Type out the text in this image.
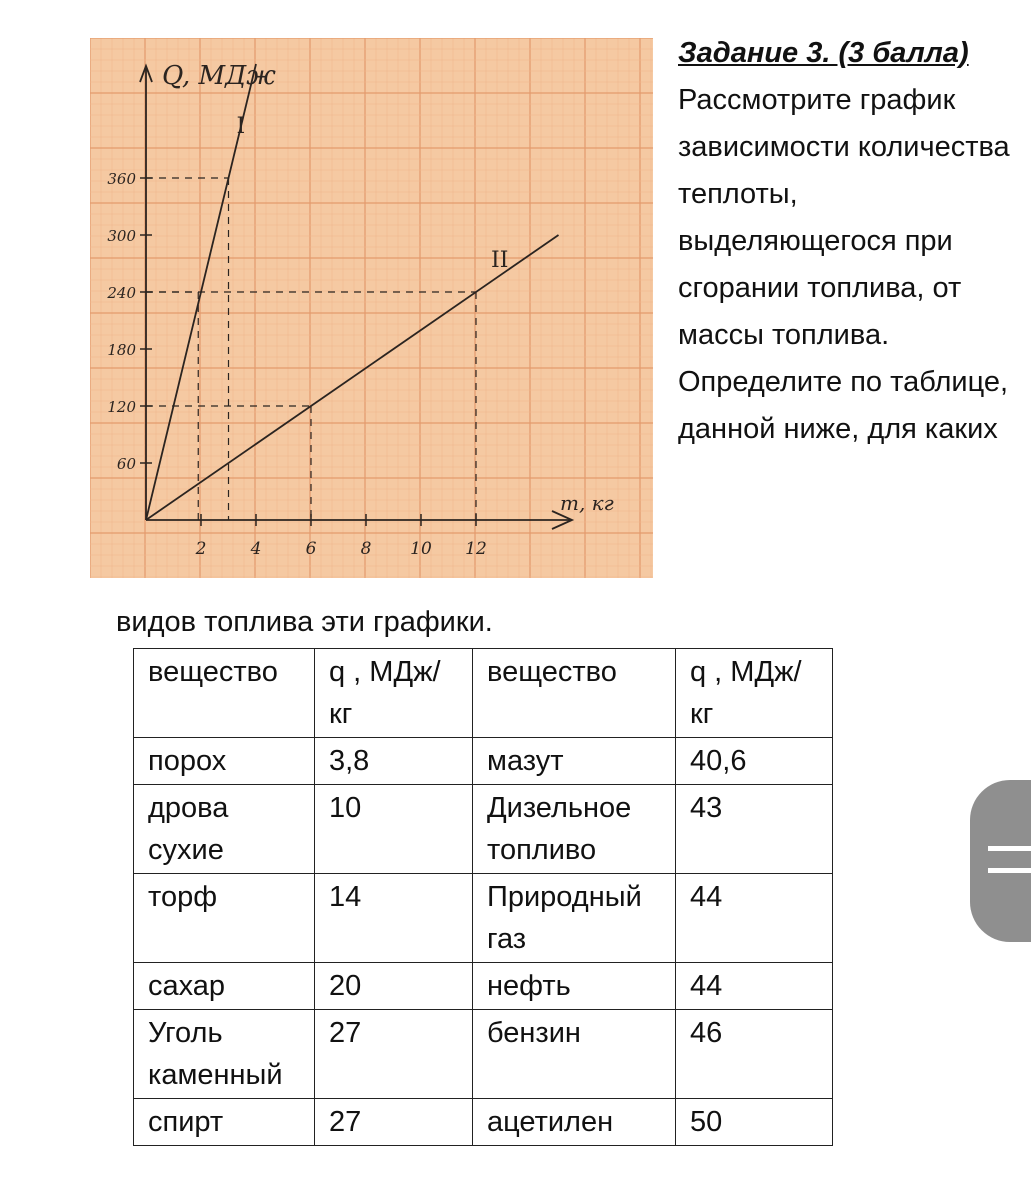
2	4	6	8 10 12
60
120
180
240
300
360
Q, МДж
m, кг
I
II
Задание 3. (3 балла)
Рассмотрите график зависимости количества теплоты, выделяющегося при сгорании топлива, от массы топлива. Определите по таблице, данной ниже, для каких
видов топлива эти графики.
вещество	q , МДж/кг	вещество	q , МДж/кг
порох	3,8	мазут	40,6
дрова сухие	10	Дизельное топливо	43
торф	14	Природный газ	44
сахар	20	нефть	44
Уголь каменный	27	бензин	46
спирт	27	ацетилен	50
